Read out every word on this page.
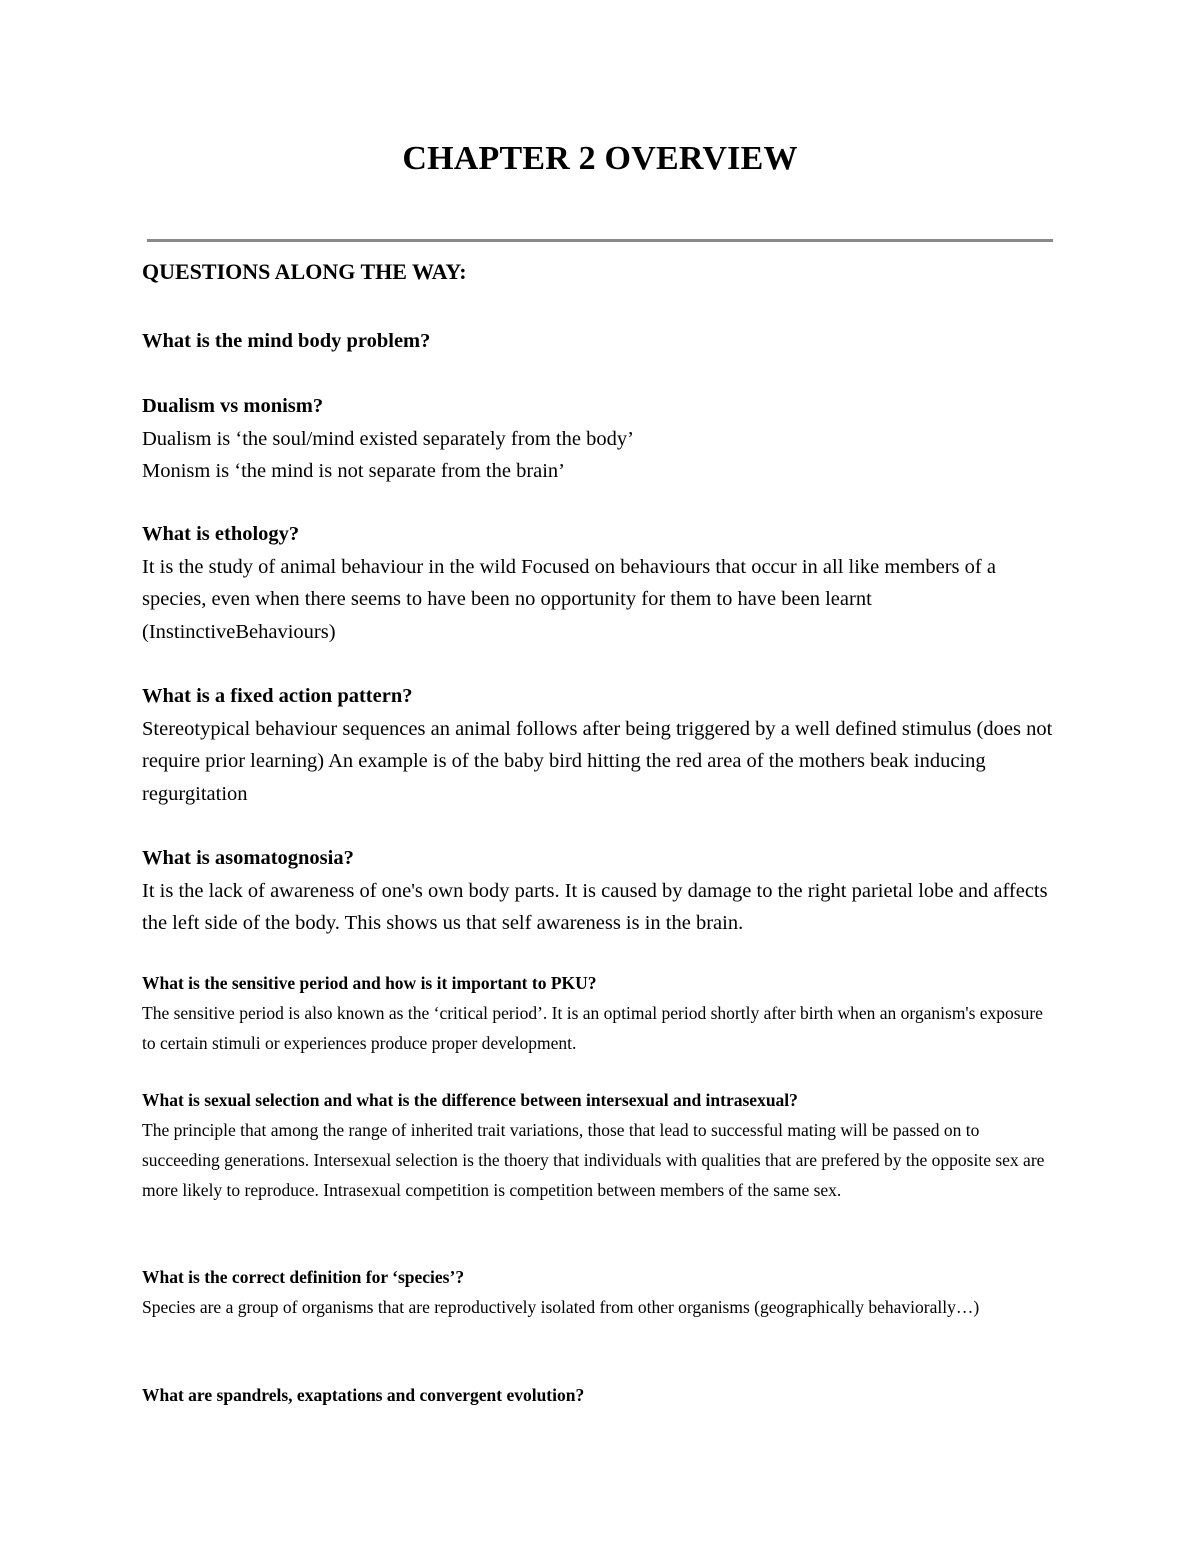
CHAPTER 2 OVERVIEW
QUESTIONS ALONG THE WAY:

What is the mind body problem?

Dualism vs monism?

Dualism is ‘the soul/mind existed separately from the body’

Monism is ‘the mind is not separate from the brain’

What is ethology?

It is the study of animal behaviour in the wild Focused on behaviours that occur in all like members of a species, even when there seems to have been no opportunity for them to have been learnt (InstinctiveBehaviours)

What is a fixed action pattern?

Stereotypical behaviour sequences an animal follows after being triggered by a well defined stimulus (does not require prior learning) An example is of the baby bird hitting the red area of the mothers beak inducing regurgitation

What is asomatognosia?

It is the lack of awareness of one's own body parts. It is caused by damage to the right parietal lobe and affects the left side of the body. This shows us that self awareness is in the brain.

What is the sensitive period and how is it important to PKU?

The sensitive period is also known as the ‘critical period’. It is an optimal period shortly after birth when an organism's exposure to certain stimuli or experiences produce proper development.

What is sexual selection and what is the difference between intersexual and intrasexual?

The principle that among the range of inherited trait variations, those that lead to successful mating will be passed on to succeeding generations. Intersexual selection is the thoery that individuals with qualities that are prefered by the opposite sex are more likely to reproduce. Intrasexual competition is competition between members of the same sex.

What is the correct definition for ‘species’?

Species are a group of organisms that are reproductively isolated from other organisms (geographically behaviorally…)

What are spandrels, exaptations and convergent evolution?
